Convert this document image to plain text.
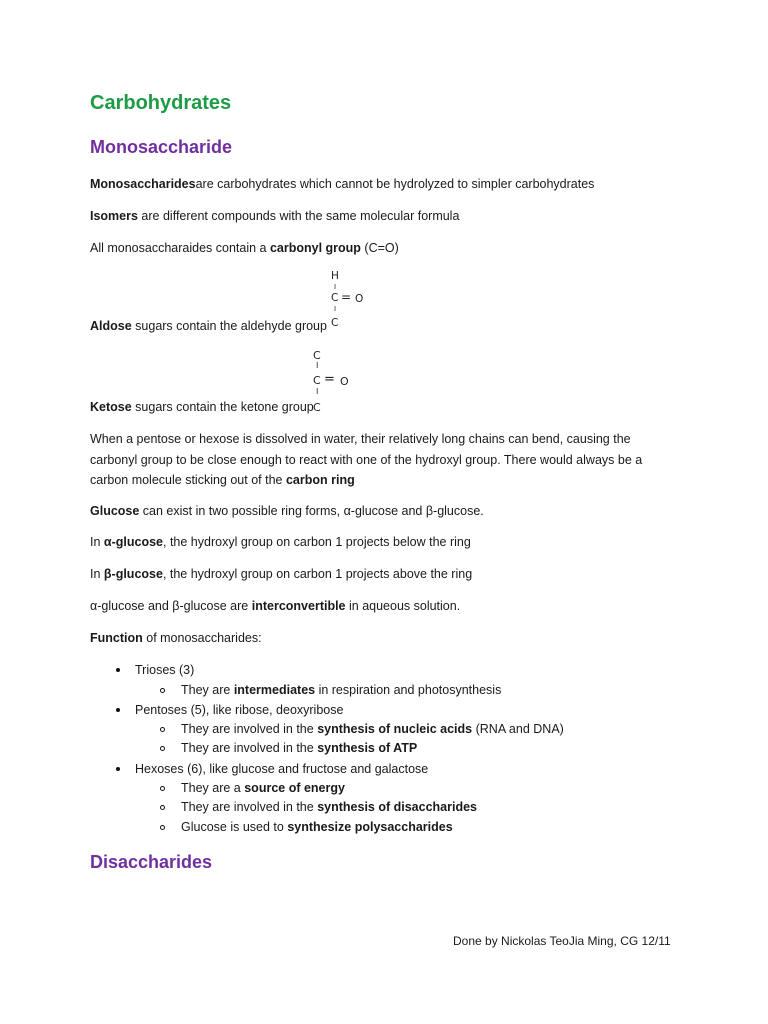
Carbohydrates
Monosaccharide
Monosaccharidesare carbohydrates which cannot be hydrolyzed to simpler carbohydrates
Isomers are different compounds with the same molecular formula
All monosaccharaides contain a carbonyl group (C=O)
H
I
C = O
I
C
Aldose sugars contain the aldehyde group
C
I
C = O
I
C
Ketose sugars contain the ketone group
When a pentose or hexose is dissolved in water, their relatively long chains can bend, causing the
carbonyl group to be close enough to react with one of the hydroxyl group. There would always be a
carbon molecule sticking out of the carbon ring
Glucose can exist in two possible ring forms, α-glucose and β-glucose.
In α-glucose, the hydroxyl group on carbon 1 projects below the ring
In β-glucose, the hydroxyl group on carbon 1 projects above the ring
α-glucose and β-glucose are interconvertible in aqueous solution.
Function of monosaccharides:
Trioses (3)
They are intermediates in respiration and photosynthesis
Pentoses (5), like ribose, deoxyribose
They are involved in the synthesis of nucleic acids (RNA and DNA)
They are involved in the synthesis of ATP
Hexoses (6), like glucose and fructose and galactose
They are a source of energy
They are involved in the synthesis of disaccharides
Glucose is used to synthesize polysaccharides
Disaccharides
Done by Nickolas TeoJia Ming, CG 12/11
